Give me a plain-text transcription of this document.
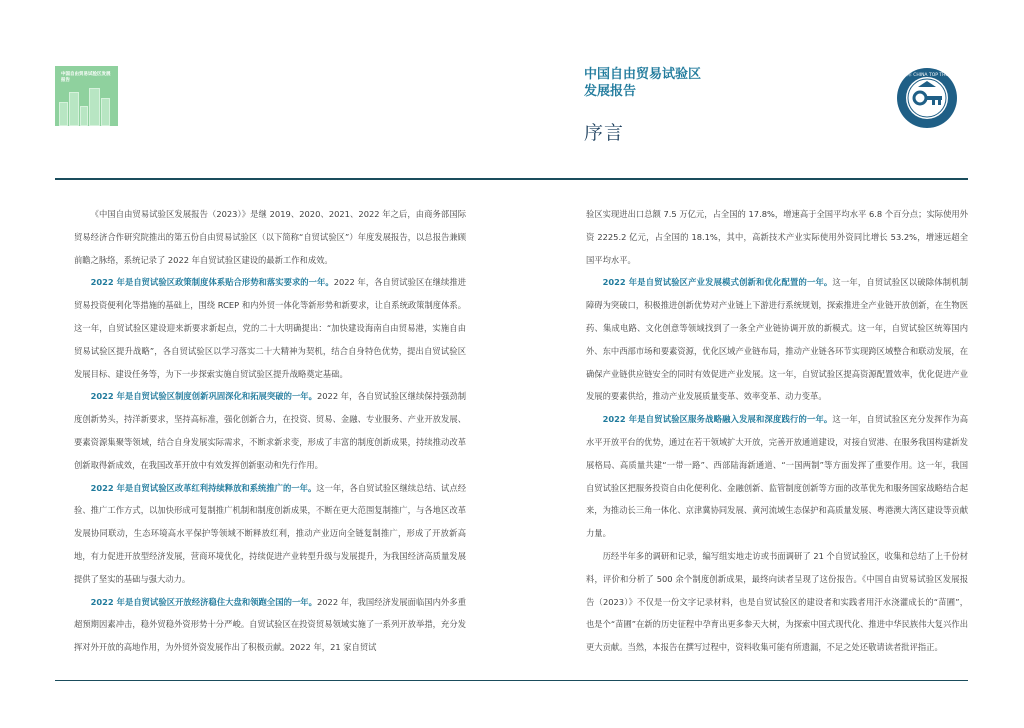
中国自由贸易试验区发展报告	中国自由贸易试验区
发展报告
序言
国家高端智库 CHINA TOP THINK TANKS

《中国自由贸易试验区发展报告（2023）》是继 2019、2020、2021、2022 年之后，由商务部国际贸易经济合作研究院推出的第五份自由贸易试验区（以下简称“自贸试验区”）年度发展报告，以总报告兼顾前瞻之脉络，系统记录了 2022 年自贸试验区建设的最新工作和成效。

2022 年是自贸试验区政策制度体系贴合形势和落实要求的一年。2022 年，各自贸试验区在继续推进贸易投资便利化等措施的基础上，围绕 RCEP 和内外贸一体化等新形势和新要求，让自系统政策制度体系。这一年，自贸试验区建设迎来新要求新起点，党的二十大明确提出：“加快建设海南自由贸易港，实施自由贸易试验区提升战略”，各自贸试验区以学习落实二十大精神为契机，结合自身特色优势，提出自贸试验区发展目标、建设任务等，为下一步探索实施自贸试验区提升战略奠定基础。

2022 年是自贸试验区制度创新巩固深化和拓展突破的一年。2022 年，各自贸试验区继续保持强劲制度创新势头，持洋新要求，坚持高标准，强化创新合力，在投资、贸易、金融、专业服务、产业开放发展、要素资源集聚等领域，结合自身发展实际需求，不断求新求变，形成了丰富的制度创新成果，持续推动改革创新取得新成效，在我国改革开放中有效发挥创新驱动和先行作用。

2022 年是自贸试验区改革红利持续释放和系统推广的一年。这一年，各自贸试验区继续总结、试点经验、推广工作方式，以加快形成可复制推广机制和制度创新成果，不断在更大范围复制推广，与各地区改革发展协同联动，生态环境高水平保护等领域不断释放红利，推动产业迈向全链复制推广，形成了开放新高地，有力促进开放型经济发展，营商环境优化，持续促进产业转型升级与发展提升，为我国经济高质量发展提供了坚实的基础与强大动力。

2022 年是自贸试验区开放经济稳住大盘和领跑全国的一年。2022 年，我国经济发展面临国内外多重超预期因素冲击，稳外贸稳外资形势十分严峻。自贸试验区在投资贸易领域实施了一系列开放举措，充分发挥对外开放的高地作用，为外贸外资发展作出了积极贡献。2022 年，21 家自贸试

验区实现进出口总额 7.5 万亿元，占全国的 17.8%，增速高于全国平均水平 6.8 个百分点；实际使用外资 2225.2 亿元，占全国的 18.1%，其中，高新技术产业实际使用外资同比增长 53.2%，增速远超全国平均水平。

2022 年是自贸试验区产业发展模式创新和优化配置的一年。这一年，自贸试验区以破除体制机制障碍为突破口，积极推进创新优势对产业链上下游进行系统规划，探索推进全产业链开放创新，在生物医药、集成电路、文化创意等领域找到了一条全产业链协调开放的新模式。这一年，自贸试验区统筹国内外、东中西部市场和要素资源，优化区域产业链布局，推动产业链各环节实现跨区域整合和联动发展，在确保产业链供应链安全的同时有效促进产业发展。这一年，自贸试验区提高资源配置效率，优化促进产业发展的要素供给，推动产业发展质量变革、效率变革、动力变革。

2022 年是自贸试验区服务战略融入发展和深度践行的一年。这一年，自贸试验区充分发挥作为高水平开放平台的优势，通过在若干领域扩大开放，完善开放通道建设，对接自贸港、在服务我国构建新发展格局、高质量共建“一带一路”、西部陆海新通道、“一国两制”等方面发挥了重要作用。这一年，我国自贸试验区把服务投资自由化便利化、金融创新、监管制度创新等方面的改革优先和服务国家战略结合起来，为推动长三角一体化、京津冀协同发展、黄河流域生态保护和高质量发展、粤港澳大湾区建设等贡献力量。

历经半年多的调研和记录，编写组实地走访或书面调研了 21 个自贸试验区，收集和总结了上千份材料，评价和分析了 500 余个制度创新成果，最终向读者呈现了这份报告。《中国自由贸易试验区发展报告（2023）》不仅是一份文字记录材料，也是自贸试验区的建设者和实践者用汗水浇灌成长的“苗圃”，也是个“苗圃”在新的历史征程中孕育出更多参天大树，为探索中国式现代化、推进中华民族伟大复兴作出更大贡献。当然，本报告在撰写过程中，资料收集可能有所遗漏，不足之处还敬请读者批评指正。
